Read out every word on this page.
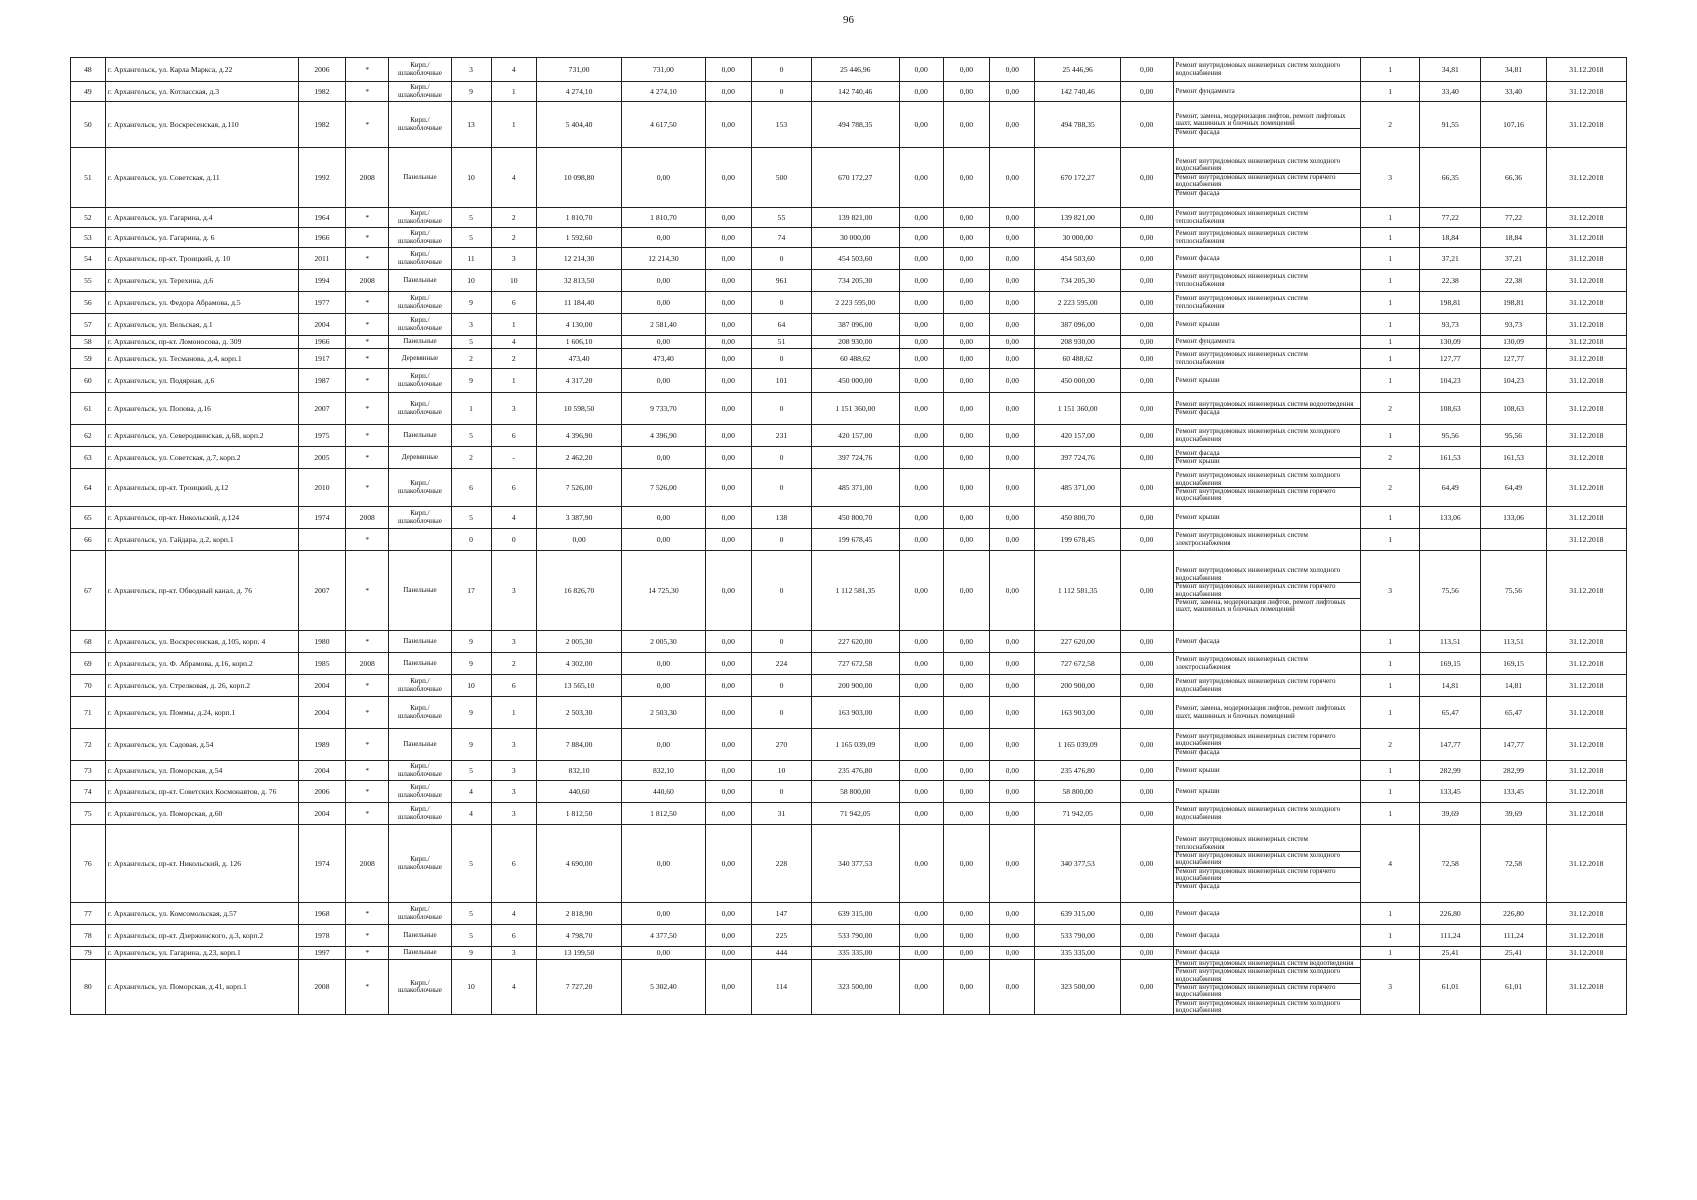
96
48	г. Архангельск, ул. Карла Маркса, д.22	2006	*	Кирп./ шлакоблочные	3	4	731,00	731,00	0,00	0	25 446,96	0,00	0,00	0,00	25 446,96	0,00	Ремонт внутридомовых инженерных систем холодного водоснабжения	1	34,81	34,81	31.12.2018
49	г. Архангельск, ул. Котласская, д.3	1982	*	Кирп./ шлакоблочные	9	1	4 274,10	4 274,10	0,00	0	142 740,46	0,00	0,00	0,00	142 740,46	0,00	Ремонт фундамента	1	33,40	33,40	31.12.2018
50	г. Архангельск, ул. Воскресенская, д.110	1982	*	Кирп./ шлакоблочные	13	1	5 404,40	4 617,50	0,00	153	494 788,35	0,00	0,00	0,00	494 788,35	0,00	Ремонт, замена, модернизация лифтов, ремонт лифтовых шахт, машинных и блочных помещений
Ремонт фасада	2	91,55	107,16	31.12.2018
51	г. Архангельск, ул. Советская, д.11	1992	2008	Панельные	10	4	10 098,80	0,00	0,00	500	670 172,27	0,00	0,00	0,00	670 172,27	0,00	Ремонт внутридомовых инженерных систем холодного водоснабжения
Ремонт внутридомовых инженерных систем горячего водоснабжения
Ремонт фасада	3	66,35	66,36	31.12.2018
52	г. Архангельск, ул. Гагарина, д.4	1964	*	Кирп./ шлакоблочные	5	2	1 810,70	1 810,70	0,00	55	139 821,00	0,00	0,00	0,00	139 821,00	0,00	Ремонт внутридомовых инженерных систем теплоснабжения	1	77,22	77,22	31.12.2018
53	г. Архангельск, ул. Гагарина, д. 6	1966	*	Кирп./ шлакоблочные	5	2	1 592,60	0,00	0,00	74	30 000,00	0,00	0,00	0,00	30 000,00	0,00	Ремонт внутридомовых инженерных систем теплоснабжения	1	18,84	18,84	31.12.2018
54	г. Архангельск, пр-кт. Троицкий, д. 10	2011	*	Кирп./ шлакоблочные	11	3	12 214,30	12 214,30	0,00	0	454 503,60	0,00	0,00	0,00	454 503,60	0,00	Ремонт фасада	1	37,21	37,21	31.12.2018
55	г. Архангельск, ул. Терехина, д.6	1994	2008	Панельные	10	10	32 813,50	0,00	0,00	961	734 205,30	0,00	0,00	0,00	734 205,30	0,00	Ремонт внутридомовых инженерных систем теплоснабжения	1	22,38	22,38	31.12.2018
56	г. Архангельск, ул. Федора Абрамова, д.5	1977	*	Кирп./ шлакоблочные	9	6	11 184,40	0,00	0,00	0	2 223 595,00	0,00	0,00	0,00	2 223 595,00	0,00	Ремонт внутридомовых инженерных систем теплоснабжения	1	198,81	198,81	31.12.2018
57	г. Архангельск, ул. Вельская, д.1	2004	*	Кирп./ шлакоблочные	3	1	4 130,00	2 581,40	0,00	64	387 096,00	0,00	0,00	0,00	387 096,00	0,00	Ремонт крыши	1	93,73	93,73	31.12.2018
58	г. Архангельск, пр-кт. Ломоносова, д. 309	1966	*	Панельные	5	4	1 606,10	0,00	0,00	51	208 930,00	0,00	0,00	0,00	208 930,00	0,00	Ремонт фундамента	1	130,09	130,09	31.12.2018
59	г. Архангельск, ул. Тесманова, д.4, корп.1	1917	*	Деревянные	2	2	473,40	473,40	0,00	0	60 488,62	0,00	0,00	0,00	60 488,62	0,00	Ремонт внутридомовых инженерных систем теплоснабжения	1	127,77	127,77	31.12.2018
60	г. Архангельск, ул. Подярная, д.6	1987	*	Кирп./ шлакоблочные	9	1	4 317,20	0,00	0,00	101	450 000,00	0,00	0,00	0,00	450 000,00	0,00	Ремонт крыши	1	104,23	104,23	31.12.2018
61	г. Архангельск, ул. Попова, д.16	2007	*	Кирп./ шлакоблочные	1	3	10 598,50	9 733,70	0,00	0	1 151 360,00	0,00	0,00	0,00	1 151 360,00	0,00	Ремонт внутридомовых инженерных систем водоотведения
Ремонт фасада	2	108,63	108,63	31.12.2018
62	г. Архангельск, ул. Северодвинская, д.68, корп.2	1975	*	Панельные	5	6	4 396,90	4 396,90	0,00	231	420 157,00	0,00	0,00	0,00	420 157,00	0,00	Ремонт внутридомовых инженерных систем холодного водоснабжения	1	95,56	95,56	31.12.2018
63	г. Архангельск, ул. Советская, д.7, корп.2	2005	*	Деревянные	2	-	2 462,20	0,00	0,00	0	397 724,76	0,00	0,00	0,00	397 724,76	0,00	Ремонт фасада
Ремонт крыши	2	161,53	161,53	31.12.2018
64	г. Архангельск, пр-кт. Троицкий, д.12	2010	*	Кирп./ шлакоблочные	6	6	7 526,00	7 526,00	0,00	0	485 371,00	0,00	0,00	0,00	485 371,00	0,00	Ремонт внутридомовых инженерных систем холодного водоснабжения
Ремонт внутридомовых инженерных систем горячего водоснабжения	2	64,49	64,49	31.12.2018
65	г. Архангельск, пр-кт. Никольский, д.124	1974	2008	Кирп./ шлакоблочные	5	4	3 387,90	0,00	0,00	138	450 800,70	0,00	0,00	0,00	450 800,70	0,00	Ремонт крыши	1	133,06	133,06	31.12.2018
66	г. Архангельск, ул. Гайдара, д.2, корп.1		*		0	0	0,00	0,00	0,00	0	199 678,45	0,00	0,00	0,00	199 678,45	0,00	Ремонт внутридомовых инженерных систем электроснабжения	1			31.12.2018
67	г. Архангельск, пр-кт. Обводный канал, д. 76	2007	*	Панельные	17	3	16 826,70	14 725,30	0,00	0	1 112 581,35	0,00	0,00	0,00	1 112 581,35	0,00	Ремонт внутридомовых инженерных систем холодного водоснабжения
Ремонт внутридомовых инженерных систем горячего водоснабжения
Ремонт, замена, модернизация лифтов, ремонт лифтовых шахт, машинных и блочных помещений	3	75,56	75,56	31.12.2018
68	г. Архангельск, ул. Воскресенская, д.105, корп. 4	1980	*	Панельные	9	3	2 005,30	2 005,30	0,00	0	227 620,00	0,00	0,00	0,00	227 620,00	0,00	Ремонт фасада	1	113,51	113,51	31.12.2018
69	г. Архангельск, ул. Ф. Абрамова, д.16, корп.2	1985	2008	Панельные	9	2	4 302,00	0,00	0,00	224	727 672,58	0,00	0,00	0,00	727 672,58	0,00	Ремонт внутридомовых инженерных систем электроснабжения	1	169,15	169,15	31.12.2018
70	г. Архангельск, ул. Стрелковая, д. 26, корп.2	2004	*	Кирп./ шлакоблочные	10	6	13 565,10	0,00	0,00	0	200 900,00	0,00	0,00	0,00	200 900,00	0,00	Ремонт внутридомовых инженерных систем горячего водоснабжения	1	14,81	14,81	31.12.2018
71	г. Архангельск, ул. Поммы, д.24, корп.1	2004	*	Кирп./ шлакоблочные	9	1	2 503,30	2 503,30	0,00	0	163 903,00	0,00	0,00	0,00	163 903,00	0,00	Ремонт, замена, модернизация лифтов, ремонт лифтовых шахт, машинных и блочных помещений	1	65,47	65,47	31.12.2018
72	г. Архангельск, ул. Садовая, д.54	1989	*	Панельные	9	3	7 884,00	0,00	0,00	270	1 165 039,09	0,00	0,00	0,00	1 165 039,09	0,00	Ремонт внутридомовых инженерных систем горячего водоснабжения
Ремонт фасада	2	147,77	147,77	31.12.2018
73	г. Архангельск, ул. Поморская, д.54	2004	*	Кирп./ шлакоблочные	5	3	832,10	832,10	0,00	10	235 476,80	0,00	0,00	0,00	235 476,80	0,00	Ремонт крыши	1	282,99	282,99	31.12.2018
74	г. Архангельск, пр-кт. Советских Космонавтов, д. 76	2006	*	Кирп./ шлакоблочные	4	3	440,60	440,60	0,00	0	58 800,00	0,00	0,00	0,00	58 800,00	0,00	Ремонт крыши	1	133,45	133,45	31.12.2018
75	г. Архангельск, ул. Поморская, д.60	2004	*	Кирп./ шлакоблочные	4	3	1 812,50	1 812,50	0,00	31	71 942,05	0,00	0,00	0,00	71 942,05	0,00	Ремонт внутридомовых инженерных систем холодного водоснабжения	1	39,69	39,69	31.12.2018
76	г. Архангельск, пр-кт. Никольский, д. 126	1974	2008	Кирп./ шлакоблочные	5	6	4 690,00	0,00	0,00	228	340 377,53	0,00	0,00	0,00	340 377,53	0,00	Ремонт внутридомовых инженерных систем теплоснабжения
Ремонт внутридомовых инженерных систем холодного водоснабжения
Ремонт внутридомовых инженерных систем горячего водоснабжения
Ремонт фасада	4	72,58	72,58	31.12.2018
77	г. Архангельск, ул. Комсомольская, д.57	1968	*	Кирп./ шлакоблочные	5	4	2 818,90	0,00	0,00	147	639 315,00	0,00	0,00	0,00	639 315,00	0,00	Ремонт фасада	1	226,80	226,80	31.12.2018
78	г. Архангельск, пр-кт. Дзержинского, д.3, корп.2	1978	*	Панельные	5	6	4 798,70	4 377,50	0,00	225	533 790,00	0,00	0,00	0,00	533 790,00	0,00	Ремонт фасада	1	111,24	111,24	31.12.2018
79	г. Архангельск, ул. Гагарина, д.23, корп.1	1997	*	Панельные	9	3	13 199,50	0,00	0,00	444	335 335,00	0,00	0,00	0,00	335 335,00	0,00	Ремонт фасада	1	25,41	25,41	31.12.2018
80	г. Архангельск, ул. Поморская, д.41, корп.1	2008	*	Кирп./ шлакоблочные	10	4	7 727,20	5 302,40	0,00	114	323 500,00	0,00	0,00	0,00	323 500,00	0,00	Ремонт внутридомовых инженерных систем водоотведения
Ремонт внутридомовых инженерных систем холодного водоснабжения
Ремонт внутридомовых инженерных систем горячего водоснабжения
Ремонт внутридомовых инженерных систем холодного водоснабжения	3	61,01	61,01	31.12.2018
